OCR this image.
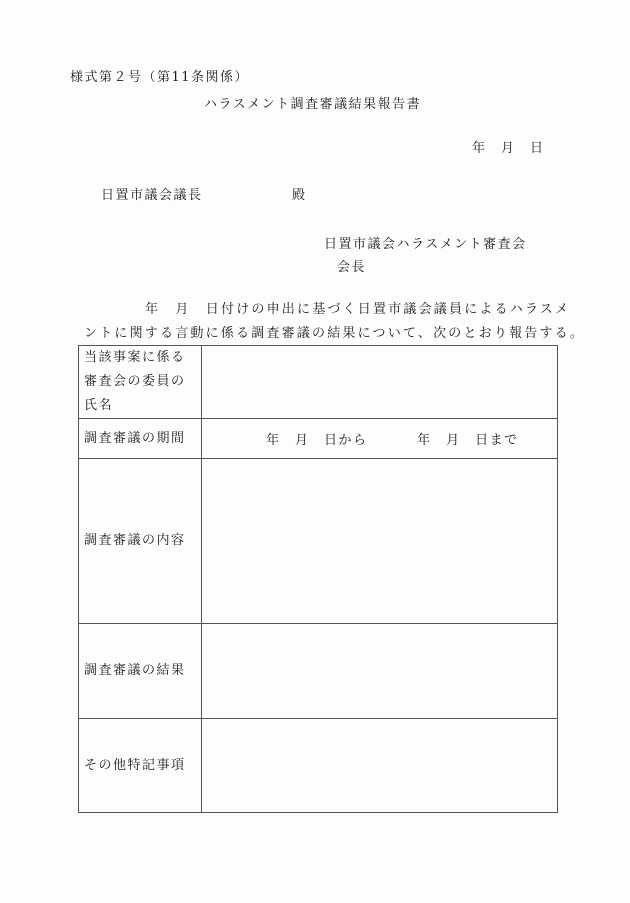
様式第２号（第11条関係）
ハラスメント調査審議結果報告書
年　月　日
日置市議会議長	殿
日置市議会ハラスメント審査会
会長
年　月　日付けの申出に基づく日置市議会議員によるハラスメ
ントに関する言動に係る調査審議の結果について、次のとおり報告する。
当該事案に係る
審査会の委員の
氏名	

調査審議の期間	年　月　日から 年　月　日まで
調査審議の内容	
調査審議の結果	
その他特記事項	
